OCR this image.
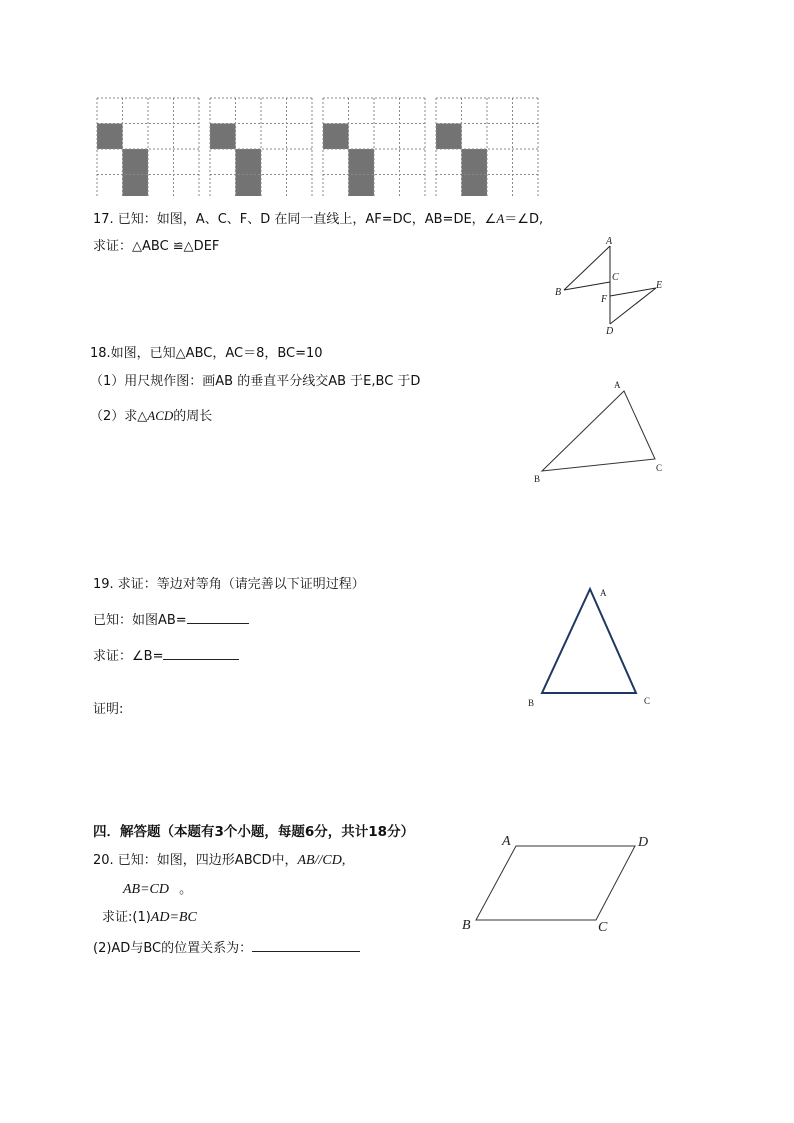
17. 已知：如图，A、C、F、D 在同一直线上，AF=DC，AB=DE，∠A＝∠D,
求证：△ABC ≌△DEF	A
B
C
F
E
D
18.如图，已知△ABC，AC＝8，BC=10
（1）用尺规作图：画AB 的垂直平分线交AB 于E,BC 于D
（2）求△ACD的周长
A
B
C
19. 求证：等边对等角（请完善以下证明过程）
已知：如图AB=
求证：∠B=
证明:
A
B	C
四．解答题（本题有3个小题，每题6分，共计18分）
20. 已知：如图，四边形ABCD中，AB//CD,
AB=CD 。
求证:(1)AD=BC
(2)AD与BC的位置关系为：
A	D
B	C
